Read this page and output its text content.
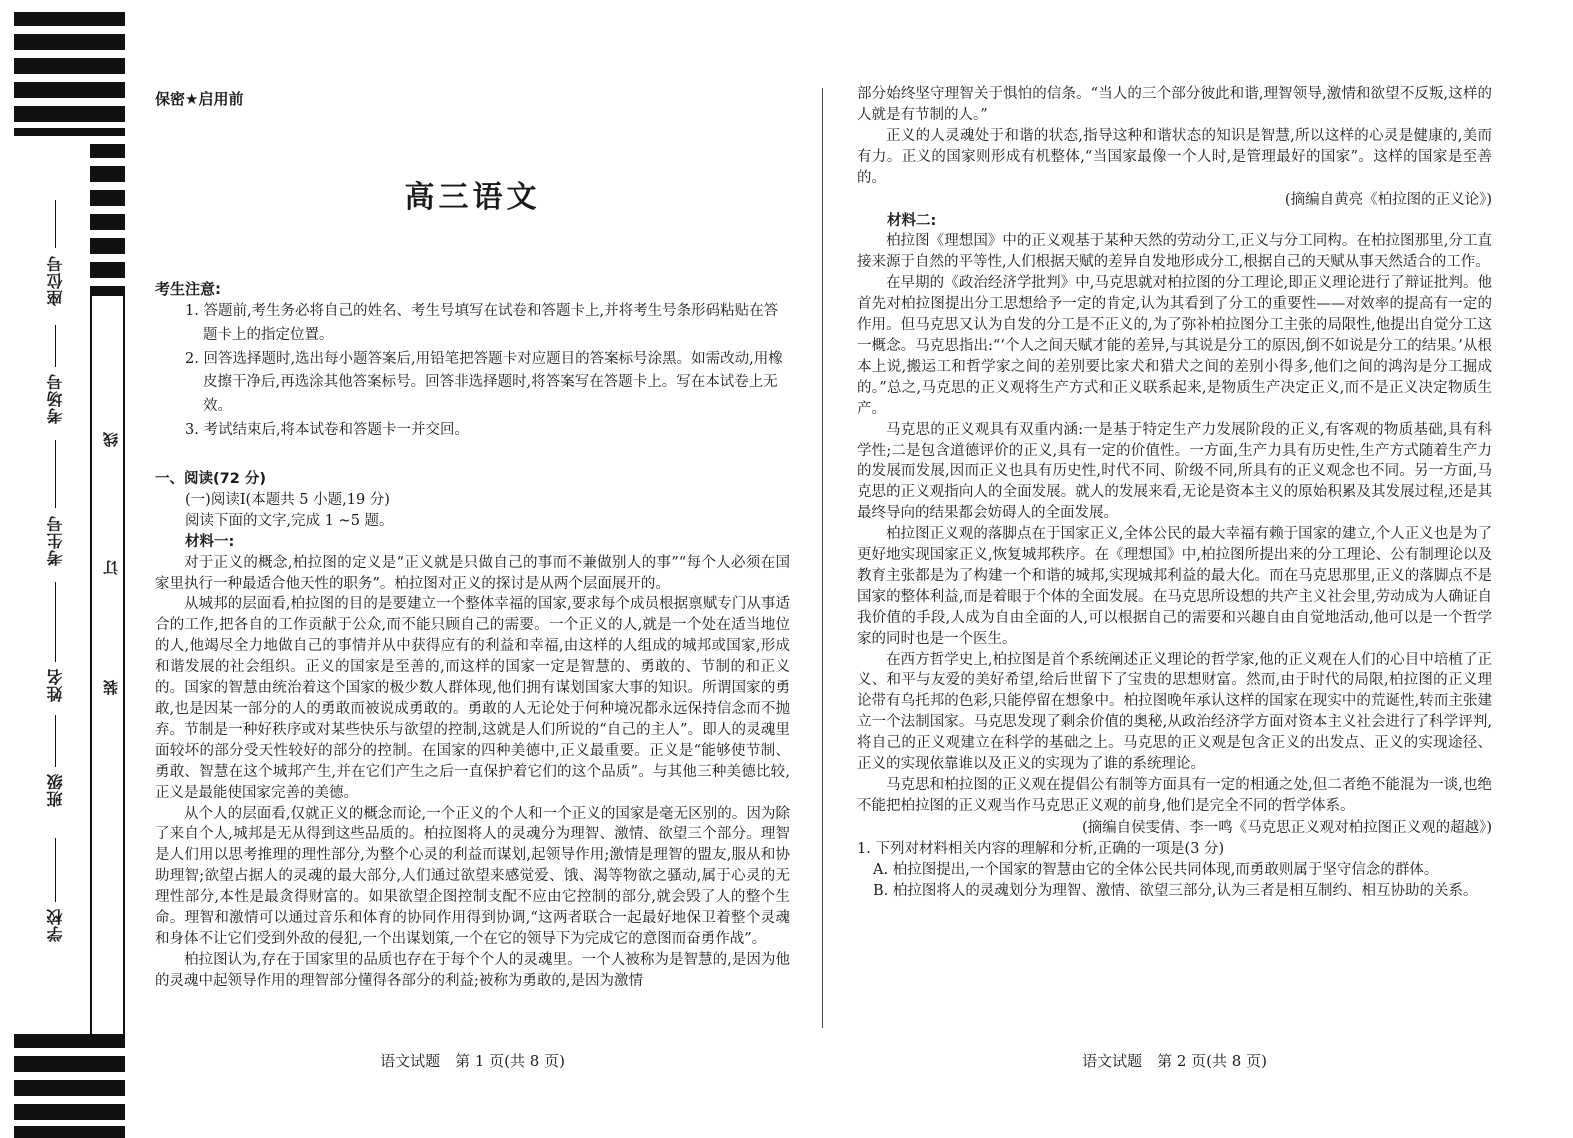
座位号
考场号
考生号
姓名
班级
学校
线
订
装
保密★启用前
高三语文
考生注意:
1. 答题前,考生务必将自己的姓名、考生号填写在试卷和答题卡上,并将考生号条形码粘贴在答题卡上的指定位置。
2. 回答选择题时,选出每小题答案后,用铅笔把答题卡对应题目的答案标号涂黑。如需改动,用橡皮擦干净后,再选涂其他答案标号。回答非选择题时,将答案写在答题卡上。写在本试卷上无效。
3. 考试结束后,将本试卷和答题卡一并交回。

一、阅读(72 分)

(一)阅读Ⅰ(本题共 5 小题,19 分)

阅读下面的文字,完成 1 ~5 题。

材料一:

对于正义的概念,柏拉图的定义是“正义就是只做自己的事而不兼做别人的事”“每个人必须在国家里执行一种最适合他天性的职务”。柏拉图对正义的探讨是从两个层面展开的。

从城邦的层面看,柏拉图的目的是要建立一个整体幸福的国家,要求每个成员根据禀赋专门从事适合的工作,把各自的工作贡献于公众,而不能只顾自己的需要。一个正义的人,就是一个处在适当地位的人,他竭尽全力地做自己的事情并从中获得应有的利益和幸福,由这样的人组成的城邦或国家,形成和谐发展的社会组织。正义的国家是至善的,而这样的国家一定是智慧的、勇敢的、节制的和正义的。国家的智慧由统治着这个国家的极少数人群体现,他们拥有谋划国家大事的知识。所谓国家的勇敢,也是因某一部分的人的勇敢而被说成勇敢的。勇敢的人无论处于何种境况都永远保持信念而不抛弃。节制是一种好秩序或对某些快乐与欲望的控制,这就是人们所说的“自己的主人”。即人的灵魂里面较坏的部分受天性较好的部分的控制。在国家的四种美德中,正义最重要。正义是“能够使节制、勇敢、智慧在这个城邦产生,并在它们产生之后一直保护着它们的这个品质”。与其他三种美德比较,正义是最能使国家完善的美德。

从个人的层面看,仅就正义的概念而论,一个正义的个人和一个正义的国家是毫无区别的。因为除了来自个人,城邦是无从得到这些品质的。柏拉图将人的灵魂分为理智、激情、欲望三个部分。理智是人们用以思考推理的理性部分,为整个心灵的利益而谋划,起领导作用;激情是理智的盟友,服从和协助理智;欲望占据人的灵魂的最大部分,人们通过欲望来感觉爱、饿、渴等物欲之骚动,属于心灵的无理性部分,本性是最贪得财富的。如果欲望企图控制支配不应由它控制的部分,就会毁了人的整个生命。理智和激情可以通过音乐和体育的协同作用得到协调,“这两者联合一起最好地保卫着整个灵魂和身体不让它们受到外敌的侵犯,一个出谋划策,一个在它的领导下为完成它的意图而奋勇作战”。

柏拉图认为,存在于国家里的品质也存在于每个个人的灵魂里。一个人被称为是智慧的,是因为他的灵魂中起领导作用的理智部分懂得各部分的利益;被称为勇敢的,是因为激情

语文试题　第 1 页(共 8 页)

部分始终坚守理智关于惧怕的信条。“当人的三个部分彼此和谐,理智领导,激情和欲望不反叛,这样的人就是有节制的人。”

正义的人灵魂处于和谐的状态,指导这种和谐状态的知识是智慧,所以这样的心灵是健康的,美而有力。正义的国家则形成有机整体,“当国家最像一个人时,是管理最好的国家”。这样的国家是至善的。

(摘编自黄亮《柏拉图的正义论》)

材料二:

柏拉图《理想国》中的正义观基于某种天然的劳动分工,正义与分工同构。在柏拉图那里,分工直接来源于自然的平等性,人们根据天赋的差异自发地形成分工,根据自己的天赋从事天然适合的工作。

在早期的《政治经济学批判》中,马克思就对柏拉图的分工理论,即正义理论进行了辩证批判。他首先对柏拉图提出分工思想给予一定的肯定,认为其看到了分工的重要性——对效率的提高有一定的作用。但马克思又认为自发的分工是不正义的,为了弥补柏拉图分工主张的局限性,他提出自觉分工这一概念。马克思指出:“‘个人之间天赋才能的差异,与其说是分工的原因,倒不如说是分工的结果。’从根本上说,搬运工和哲学家之间的差别要比家犬和猎犬之间的差别小得多,他们之间的鸿沟是分工掘成的。”总之,马克思的正义观将生产方式和正义联系起来,是物质生产决定正义,而不是正义决定物质生产。

马克思的正义观具有双重内涵:一是基于特定生产力发展阶段的正义,有客观的物质基础,具有科学性;二是包含道德评价的正义,具有一定的价值性。一方面,生产力具有历史性,生产方式随着生产力的发展而发展,因而正义也具有历史性,时代不同、阶级不同,所具有的正义观念也不同。另一方面,马克思的正义观指向人的全面发展。就人的发展来看,无论是资本主义的原始积累及其发展过程,还是其最终导向的结果都会妨碍人的全面发展。

柏拉图正义观的落脚点在于国家正义,全体公民的最大幸福有赖于国家的建立,个人正义也是为了更好地实现国家正义,恢复城邦秩序。在《理想国》中,柏拉图所提出来的分工理论、公有制理论以及教育主张都是为了构建一个和谐的城邦,实现城邦利益的最大化。而在马克思那里,正义的落脚点不是国家的整体利益,而是着眼于个体的全面发展。在马克思所设想的共产主义社会里,劳动成为人确证自我价值的手段,人成为自由全面的人,可以根据自己的需要和兴趣自由自觉地活动,他可以是一个哲学家的同时也是一个医生。

在西方哲学史上,柏拉图是首个系统阐述正义理论的哲学家,他的正义观在人们的心目中培植了正义、和平与友爱的美好希望,给后世留下了宝贵的思想财富。然而,由于时代的局限,柏拉图的正义理论带有乌托邦的色彩,只能停留在想象中。柏拉图晚年承认这样的国家在现实中的荒诞性,转而主张建立一个法制国家。马克思发现了剩余价值的奥秘,从政治经济学方面对资本主义社会进行了科学评判,将自己的正义观建立在科学的基础之上。马克思的正义观是包含正义的出发点、正义的实现途径、正义的实现依靠谁以及正义的实现为了谁的系统理论。

马克思和柏拉图的正义观在提倡公有制等方面具有一定的相通之处,但二者绝不能混为一谈,也绝不能把柏拉图的正义观当作马克思正义观的前身,他们是完全不同的哲学体系。

(摘编自侯雯倩、李一鸣《马克思正义观对柏拉图正义观的超越》)

1. 下列对材料相关内容的理解和分析,正确的一项是(3 分)

A. 柏拉图提出,一个国家的智慧由它的全体公民共同体现,而勇敢则属于坚守信念的群体。

B. 柏拉图将人的灵魂划分为理智、激情、欲望三部分,认为三者是相互制约、相互协助的关系。

语文试题　第 2 页(共 8 页)
